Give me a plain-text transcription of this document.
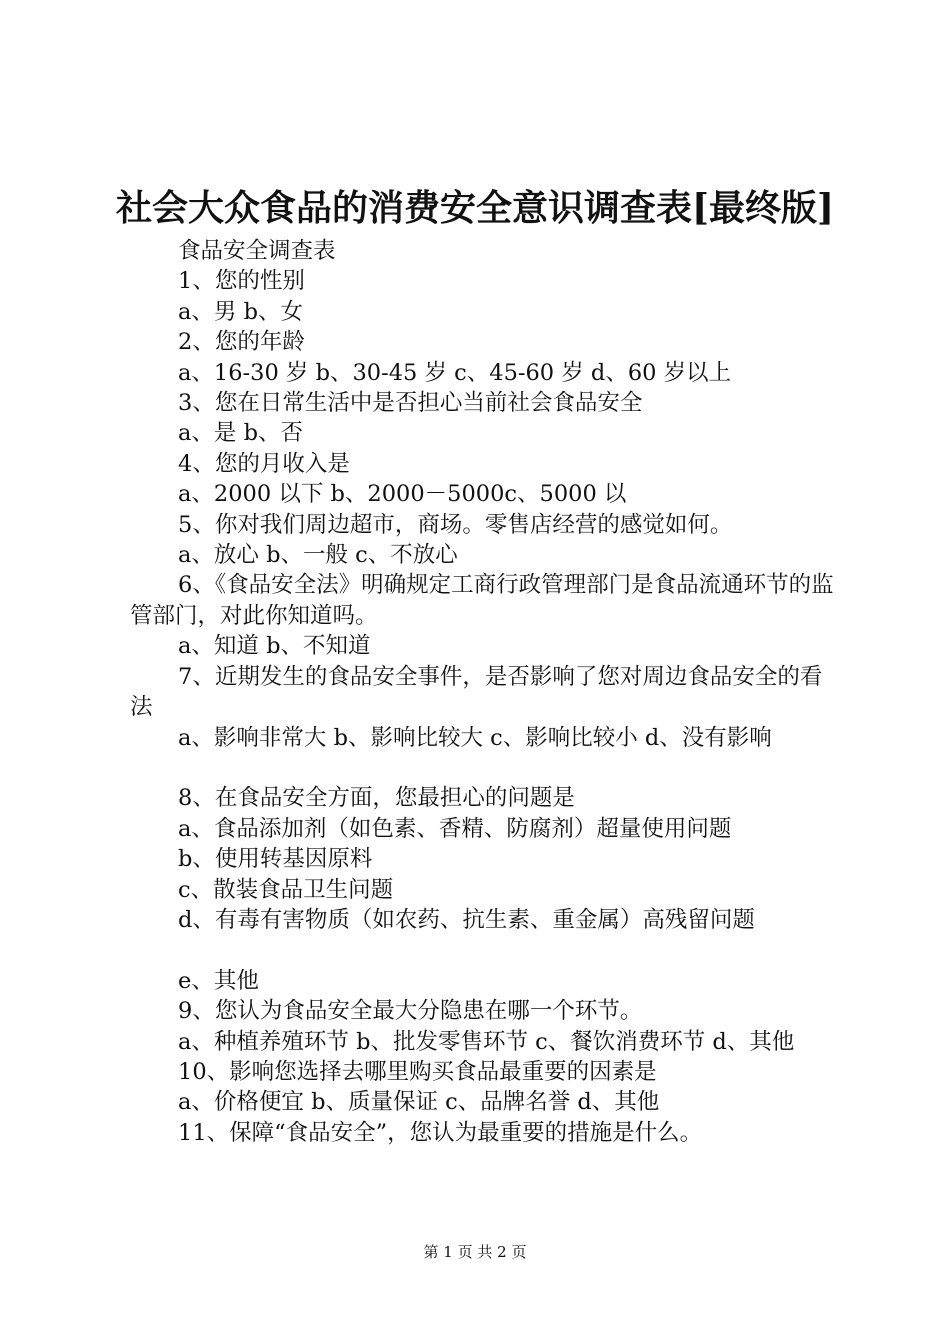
社会大众食品的消费安全意识调查表[最终版]

食品安全调查表

1、您的性别

a、男 b、女

2、您的年龄

a、16-30 岁 b、30-45 岁 c、45-60 岁 d、60 岁以上

3、您在日常生活中是否担心当前社会食品安全

a、是 b、否

4、您的月收入是

a、2000 以下 b、2000－5000c、5000 以

5、你对我们周边超市，商场。零售店经营的感觉如何。

a、放心 b、一般 c、不放心

6、《食品安全法》明确规定工商行政管理部门是食品流通环节的监管部门，对此你知道吗。

a、知道 b、不知道

7、近期发生的食品安全事件，是否影响了您对周边食品安全的看法

a、影响非常大 b、影响比较大 c、影响比较小 d、没有影响

8、在食品安全方面，您最担心的问题是

a、食品添加剂（如色素、香精、防腐剂）超量使用问题

b、使用转基因原料

c、散装食品卫生问题

d、有毒有害物质（如农药、抗生素、重金属）高残留问题

e、其他

9、您认为食品安全最大分隐患在哪一个环节。

a、种植养殖环节 b、批发零售环节 c、餐饮消费环节 d、其他

10、影响您选择去哪里购买食品最重要的因素是

a、价格便宜 b、质量保证 c、品牌名誉 d、其他

11、保障“食品安全”，您认为最重要的措施是什么。

第 1 页 共 2 页
